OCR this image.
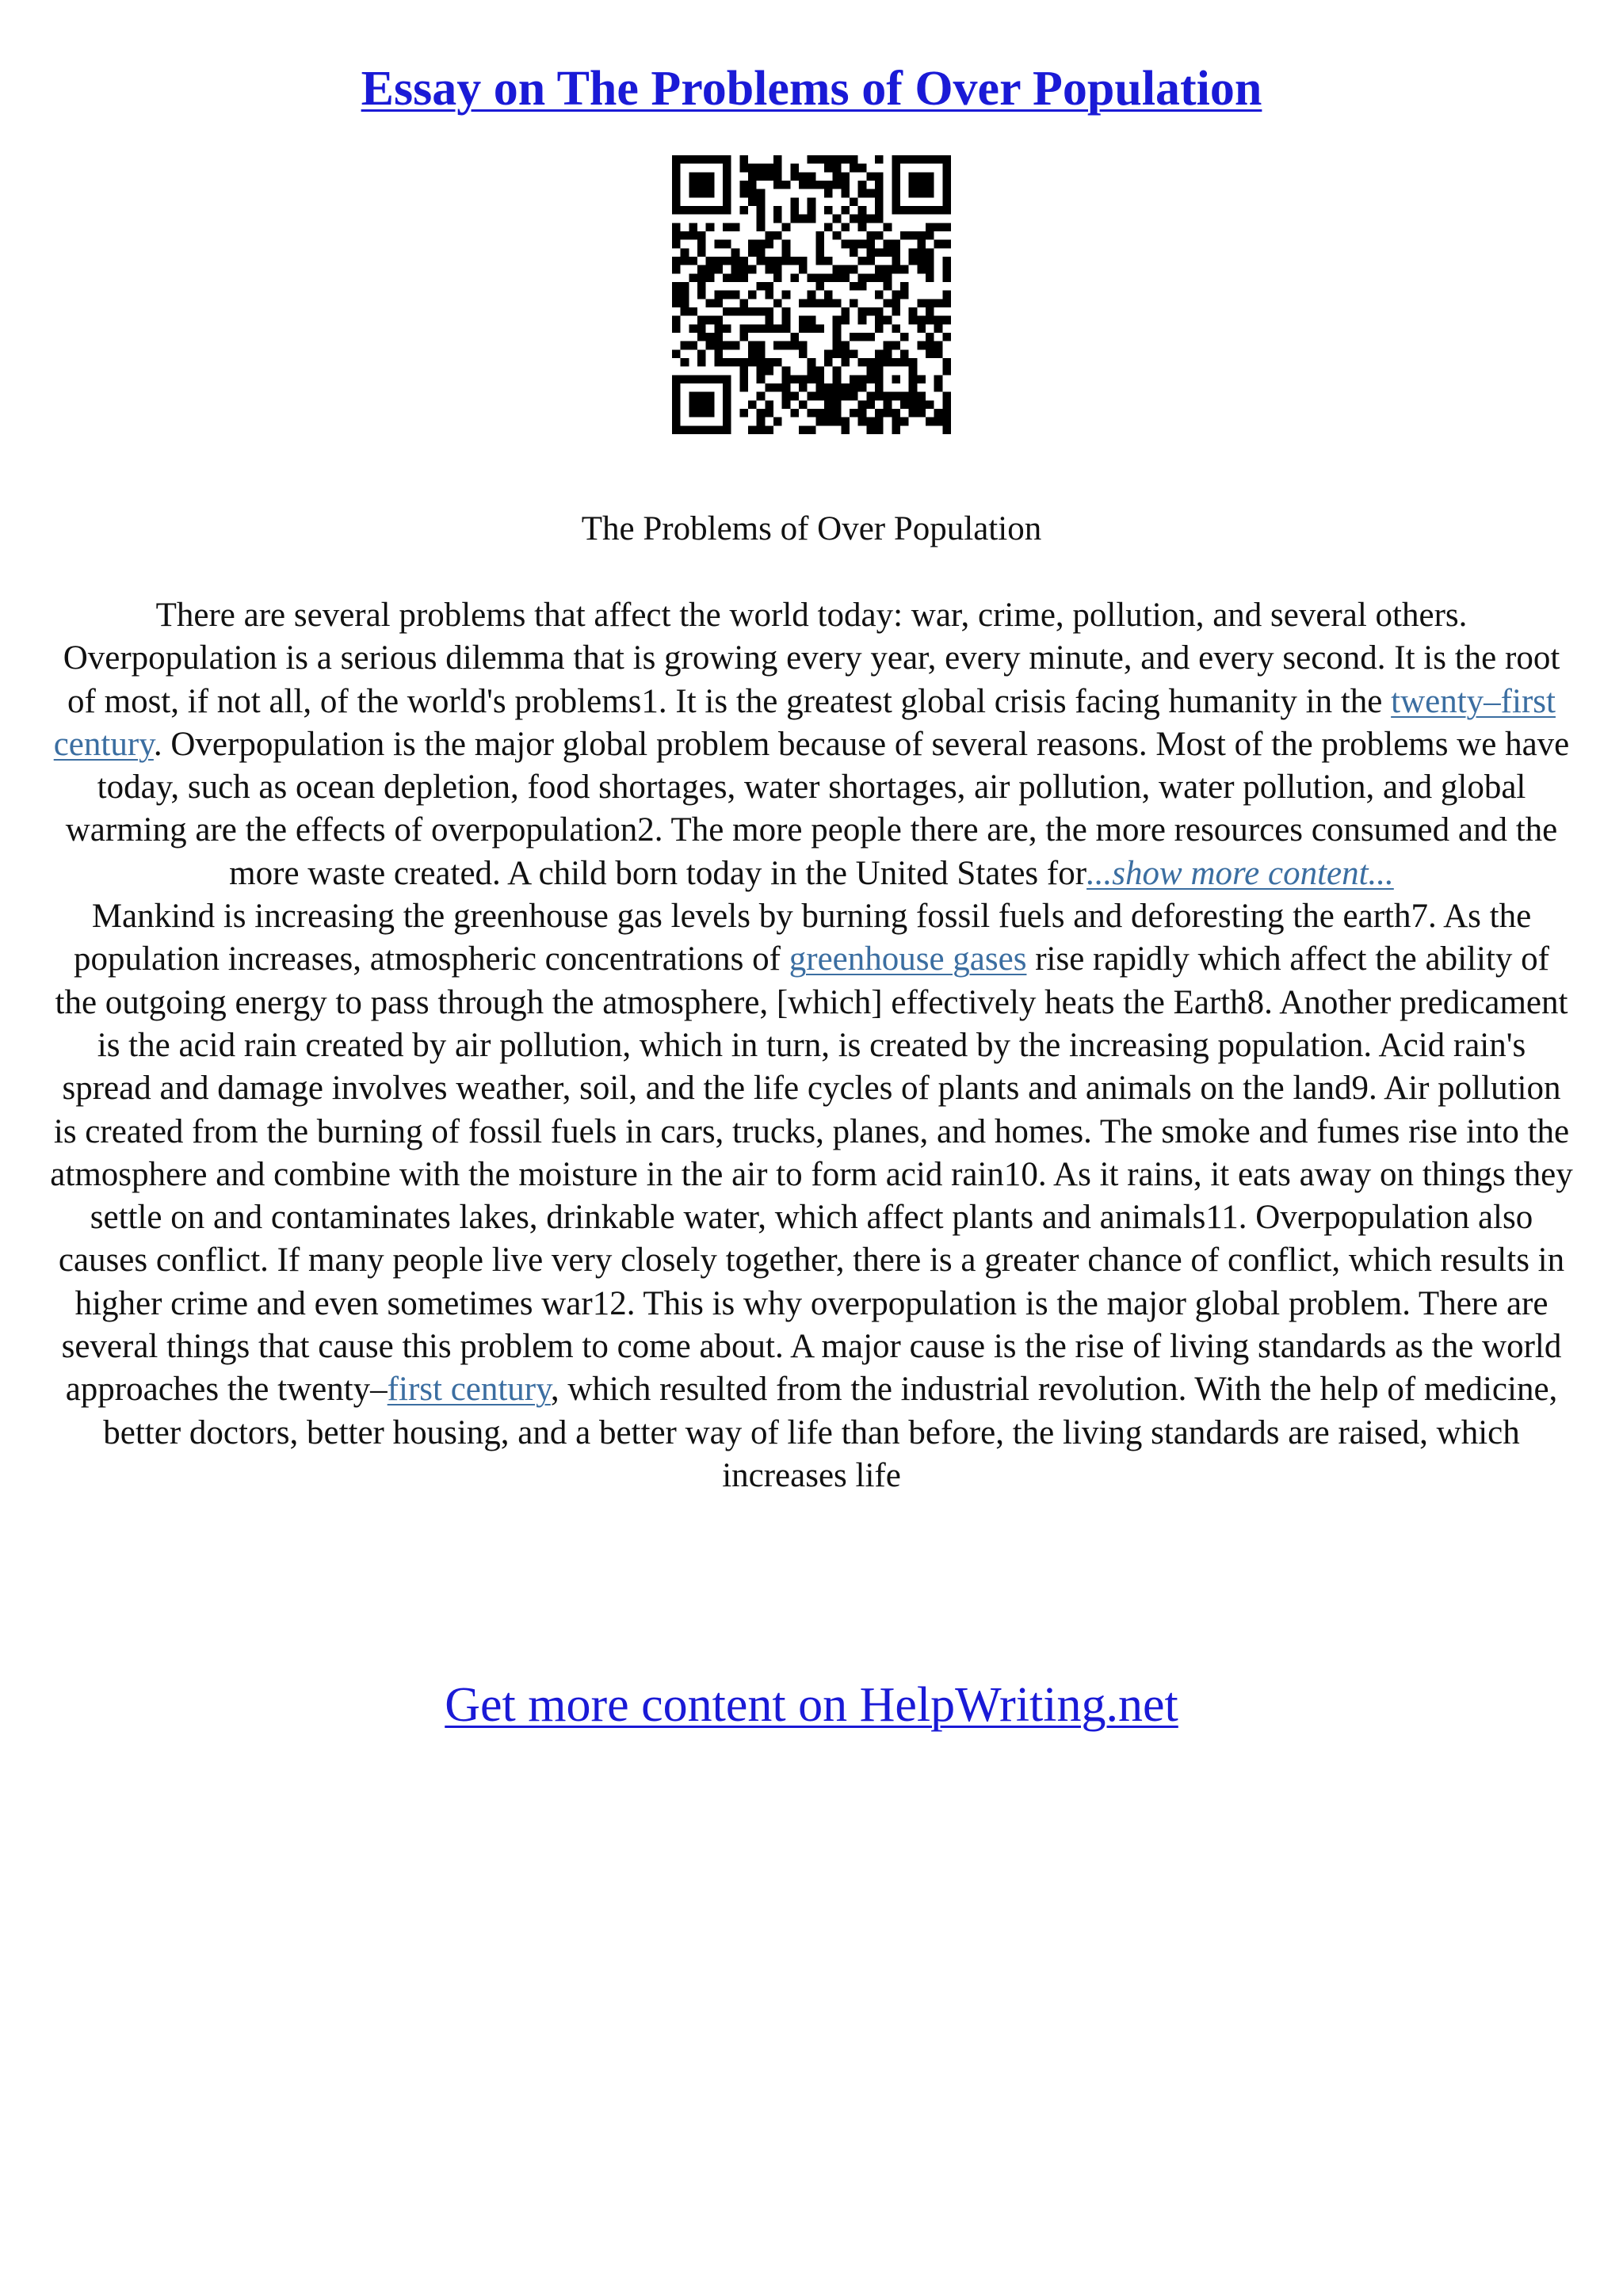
Essay on The Problems of Over Population

The Problems of Over Population

There are several problems that affect the world today: war, crime, pollution, and several others. Overpopulation is a serious dilemma that is growing every year, every minute, and every second. It is the root of most, if not all, of the world's problems1. It is the greatest global crisis facing humanity in the twenty–first century. Overpopulation is the major global problem because of several reasons. Most of the problems we have today, such as ocean depletion, food shortages, water shortages, air pollution, water pollution, and global warming are the effects of overpopulation2. The more people there are, the more resources consumed and the more waste created. A child born today in the United States for...show more content...

Mankind is increasing the greenhouse gas levels by burning fossil fuels and deforesting the earth7. As the population increases, atmospheric concentrations of greenhouse gases rise rapidly which affect the ability of the outgoing energy to pass through the atmosphere, [which] effectively heats the Earth8. Another predicament is the acid rain created by air pollution, which in turn, is created by the increasing population. Acid rain's spread and damage involves weather, soil, and the life cycles of plants and animals on the land9. Air pollution is created from the burning of fossil fuels in cars, trucks, planes, and homes. The smoke and fumes rise into the atmosphere and combine with the moisture in the air to form acid rain10. As it rains, it eats away on things they settle on and contaminates lakes, drinkable water, which affect plants and animals11. Overpopulation also causes conflict. If many people live very closely together, there is a greater chance of conflict, which results in higher crime and even sometimes war12. This is why overpopulation is the major global problem. There are several things that cause this problem to come about. A major cause is the rise of living standards as the world approaches the twenty–first century, which resulted from the industrial revolution. With the help of medicine, better doctors, better housing, and a better way of life than before, the living standards are raised, which increases life

Get more content on HelpWriting.net
